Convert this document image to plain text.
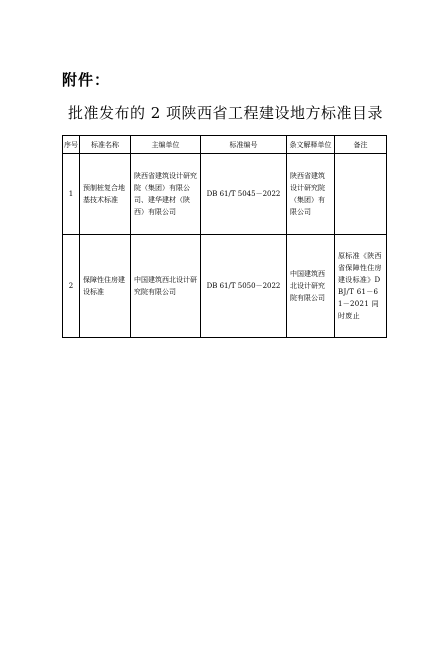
附件：
批准发布的 2 项陕西省工程建设地方标准目录
序号	标准名称	主编单位	标准编号	条文解释单位	备注
1	预制桩复合地基技术标准	陕西省建筑设计研究院（集团）有限公司、建华建材（陕西）有限公司	DB 61/T 5045－2022	陕西省建筑设计研究院（集团）有限公司	
2	保障性住房建设标准	中国建筑西北设计研究院有限公司	DB 61/T 5050－2022	中国建筑西北设计研究院有限公司	原标准《陕西省保障性住房建设标准》DBJ/T 61－61－2021 同时废止
